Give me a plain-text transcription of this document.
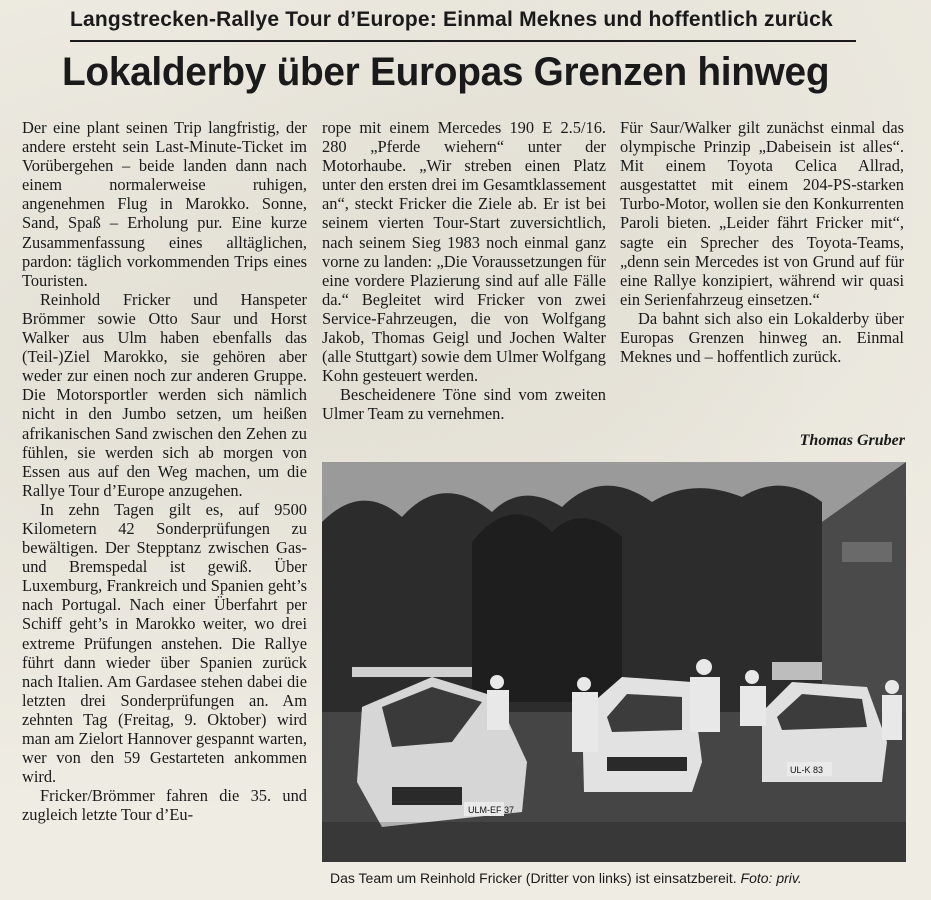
Langstrecken-Rallye Tour d’Europe: Einmal Meknes und hoffentlich zurück
Lokalderby über Europas Grenzen hinweg

Der eine plant seinen Trip langfristig, der andere ersteht sein Last-Minute-Ticket im Vorübergehen – beide landen dann nach einem normalerweise ruhigen, angenehmen Flug in Marokko. Sonne, Sand, Spaß – Erholung pur. Eine kurze Zusammenfassung eines alltäglichen, pardon: täglich vorkommenden Trips eines Touristen.

Reinhold Fricker und Hanspeter Brömmer sowie Otto Saur und Horst Walker aus Ulm haben ebenfalls das (Teil-)Ziel Marokko, sie gehören aber weder zur einen noch zur anderen Gruppe. Die Motorsportler werden sich nämlich nicht in den Jumbo setzen, um heißen afrikanischen Sand zwischen den Zehen zu fühlen, sie werden sich ab morgen von Essen aus auf den Weg machen, um die Rallye Tour d’Europe anzugehen.

In zehn Tagen gilt es, auf 9500 Kilometern 42 Sonderprüfungen zu bewältigen. Der Stepptanz zwischen Gas- und Bremspedal ist gewiß. Über Luxemburg, Frankreich und Spanien geht’s nach Portugal. Nach einer Überfahrt per Schiff geht’s in Marokko weiter, wo drei extreme Prüfungen anstehen. Die Rallye führt dann wieder über Spanien zurück nach Italien. Am Gardasee stehen dabei die letzten drei Sonderprüfungen an. Am zehnten Tag (Freitag, 9. Oktober) wird man am Zielort Hannover gespannt warten, wer von den 59 Gestarteten ankommen wird.

Fricker/Brömmer fahren die 35. und zugleich letzte Tour d’Eu-

rope mit einem Mercedes 190 E 2.5/16. 280 „Pferde wiehern“ unter der Motorhaube. „Wir streben einen Platz unter den ersten drei im Gesamtklassement an“, steckt Fricker die Ziele ab. Er ist bei seinem vierten Tour-Start zuversichtlich, nach seinem Sieg 1983 noch einmal ganz vorne zu landen: „Die Voraussetzungen für eine vordere Plazierung sind auf alle Fälle da.“ Begleitet wird Fricker von zwei Service-Fahrzeugen, die von Wolfgang Jakob, Thomas Geigl und Jochen Walter (alle Stuttgart) sowie dem Ulmer Wolfgang Kohn gesteuert werden.

Bescheidenere Töne sind vom zweiten Ulmer Team zu vernehmen.

Für Saur/Walker gilt zunächst einmal das olympische Prinzip „Dabeisein ist alles“. Mit einem Toyota Celica Allrad, ausgestattet mit einem 204-PS-starken Turbo-Motor, wollen sie den Konkurrenten Paroli bieten. „Leider fährt Fricker mit“, sagte ein Sprecher des Toyota-Teams, „denn sein Mercedes ist von Grund auf für eine Rallye konzipiert, während wir quasi ein Serienfahrzeug einsetzen.“

Da bahnt sich also ein Lokalderby über Europas Grenzen hinweg an. Einmal Meknes und – hoffentlich zurück.

Thomas Gruber
ULM-EF 37
UL-K 83
Das Team um Reinhold Fricker (Dritter von links) ist einsatzbereit. Foto: priv.
